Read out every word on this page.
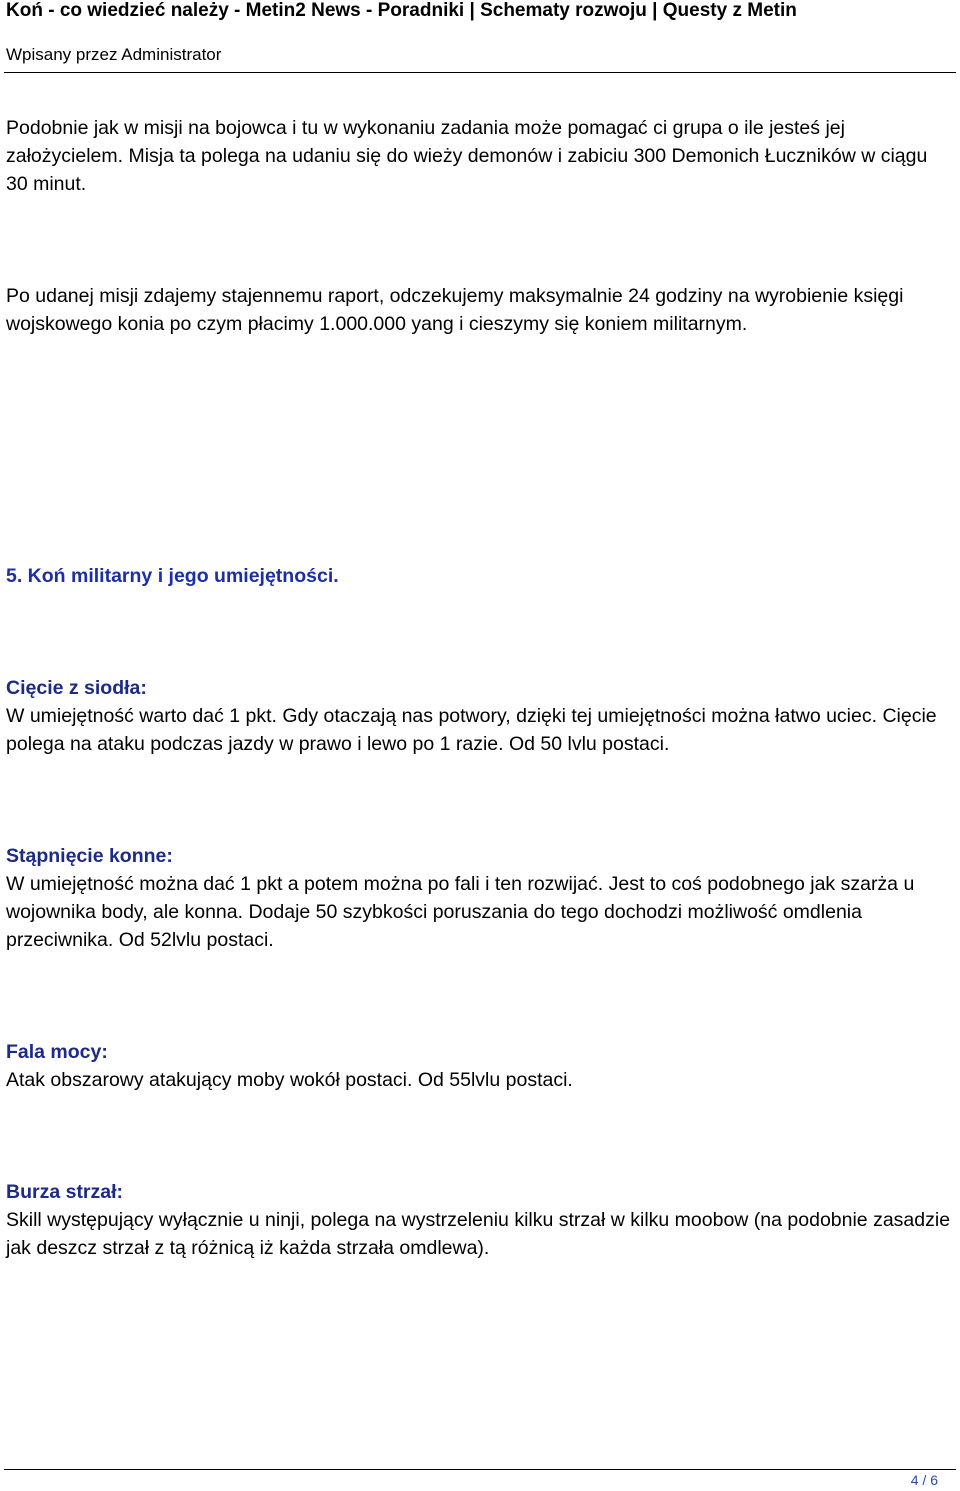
Koń - co wiedzieć należy - Metin2 News - Poradniki | Schematy rozwoju | Questy z Metin
Wpisany przez Administrator

Podobnie jak w misji na bojowca i tu w wykonaniu zadania może pomagać ci grupa o ile jesteś jej założycielem. Misja ta polega na udaniu się do wieży demonów i zabiciu 300 Demonich Łuczników w ciągu 30 minut.

Po udanej misji zdajemy stajennemu raport, odczekujemy maksymalnie 24 godziny na wyrobienie księgi wojskowego konia po czym płacimy 1.000.000 yang i cieszymy się koniem militarnym.

5. Koń militarny i jego umiejętności.
Cięcie z siodła:

W umiejętność warto dać 1 pkt. Gdy otaczają nas potwory, dzięki tej umiejętności można łatwo uciec. Cięcie polega na ataku podczas jazdy w prawo i lewo po 1 razie. Od 50 lvlu postaci.

Stąpnięcie konne:

W umiejętność można dać 1 pkt a potem można po fali i ten rozwijać. Jest to coś podobnego jak szarża u wojownika body, ale konna. Dodaje 50 szybkości poruszania do tego dochodzi możliwość omdlenia przeciwnika. Od 52lvlu postaci.

Fala mocy:

Atak obszarowy atakujący moby wokół postaci. Od 55lvlu postaci.

Burza strzał:

Skill występujący wyłącznie u ninji, polega na wystrzeleniu kilku strzał w kilku moobow (na podobnie zasadzie jak deszcz strzał z tą różnicą iż każda strzała omdlewa).

4 / 6
